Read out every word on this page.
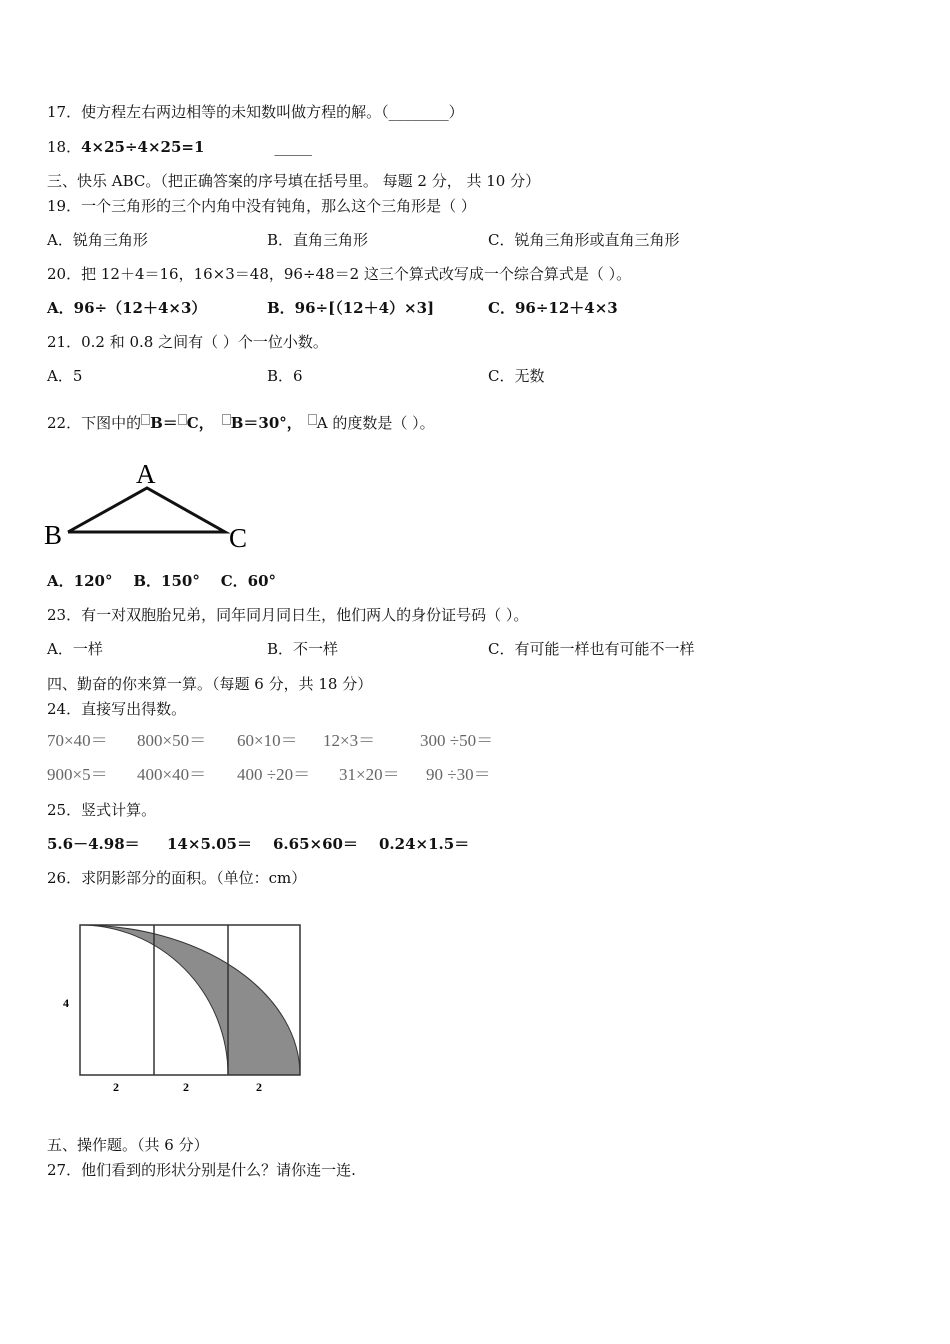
17．使方程左右两边相等的未知数叫做方程的解。（________）
18．4×25÷4×25=1	_____
三、快乐 ABC。（把正确答案的序号填在括号里。 每题 2 分， 共 10 分）
19．一个三角形的三个内角中没有钝角，那么这个三角形是（ ）
A．锐角三角形	B．直角三角形	C．锐角三角形或直角三角形
20．把 12＋4＝16，16×3＝48，96÷48＝2 这三个算式改写成一个综合算式是（ ）。
A．96÷（12＋4×3）	B．96÷[（12＋4）×3]	C．96÷12＋4×3
21．0.2 和 0.8 之间有（ ）个一位小数。
A．5	B．6	C．无数
22．下图中的 B＝ C， B＝30°， A 的度数是（ ）。
A
B	C
A．120°    B．150°    C．60°
23．有一对双胞胎兄弟，同年同月同日生，他们两人的身份证号码（ ）。
A．一样	B．不一样	C．有可能一样也有可能不一样
四、勤奋的你来算一算。（每题 6 分，共 18 分）
24．直接写出得数。
70×40＝ 800×50＝ 60×10＝ 12×3＝	300 ÷50＝
900×5＝ 400×40＝ 400 ÷20＝ 31×20＝ 90 ÷30＝
25．竖式计算。
5.6－4.98＝ 14×5.05＝ 6.65×60＝ 0.24×1.5＝
26．求阴影部分的面积。（单位：cm）
4
2	2	2
五、操作题。（共 6 分）
27．他们看到的形状分别是什么？请你连一连.
